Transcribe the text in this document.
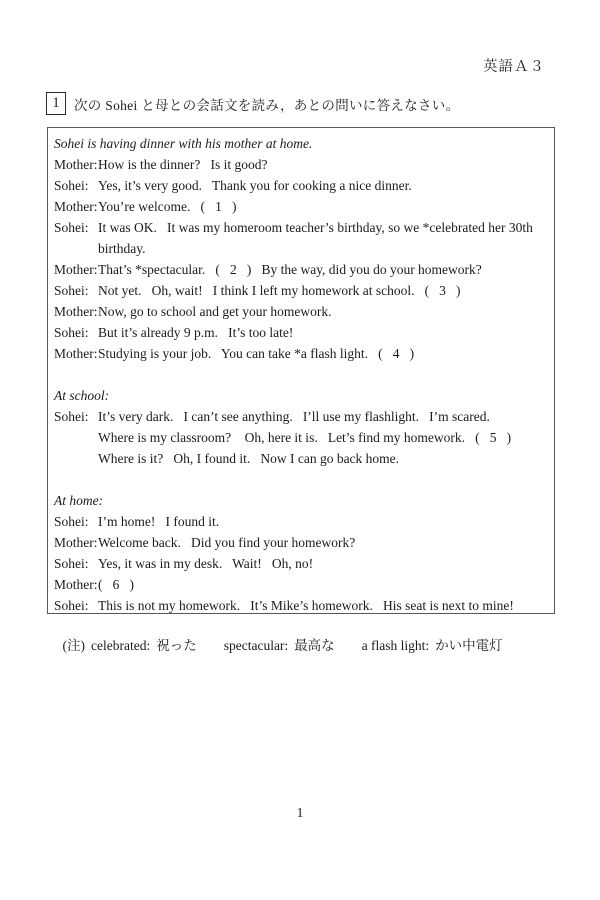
英語Ａ３
1	次の Sohei と母との会話文を読み，あとの問いに答えなさい。
Sohei is having dinner with his mother at home.
Mother: How is the dinner?   Is it good?
Sohei: Yes, it’s very good.   Thank you for cooking a nice dinner.
Mother: You’re welcome.   (   1   )
Sohei: It was OK.   It was my homeroom teacher’s birthday, so we *celebrated her 30th
birthday.
Mother: That’s *spectacular.   (   2   )   By the way, did you do your homework?
Sohei: Not yet.   Oh, wait!   I think I left my homework at school.   (   3   )
Mother: Now, go to school and get your homework.
Sohei: But it’s already 9 p.m.   It’s too late!
Mother: Studying is your job.   You can take *a flash light.   (   4   )
At school:
Sohei: It’s very dark.   I can’t see anything.   I’ll use my flashlight.   I’m scared.
Where is my classroom?    Oh, here it is.   Let’s find my homework.   (   5   )
Where is it?   Oh, I found it.   Now I can go back home.
At home:
Sohei: I’m home!   I found it.
Mother: Welcome back.   Did you find your homework?
Sohei: Yes, it was in my desk.   Wait!   Oh, no!
Mother: (   6   )
Sohei: This is not my homework.   It’s Mike’s homework.   His seat is next to mine!

(注) celebrated: 祝った spectacular: 最高な a flash light: かい中電灯

1
